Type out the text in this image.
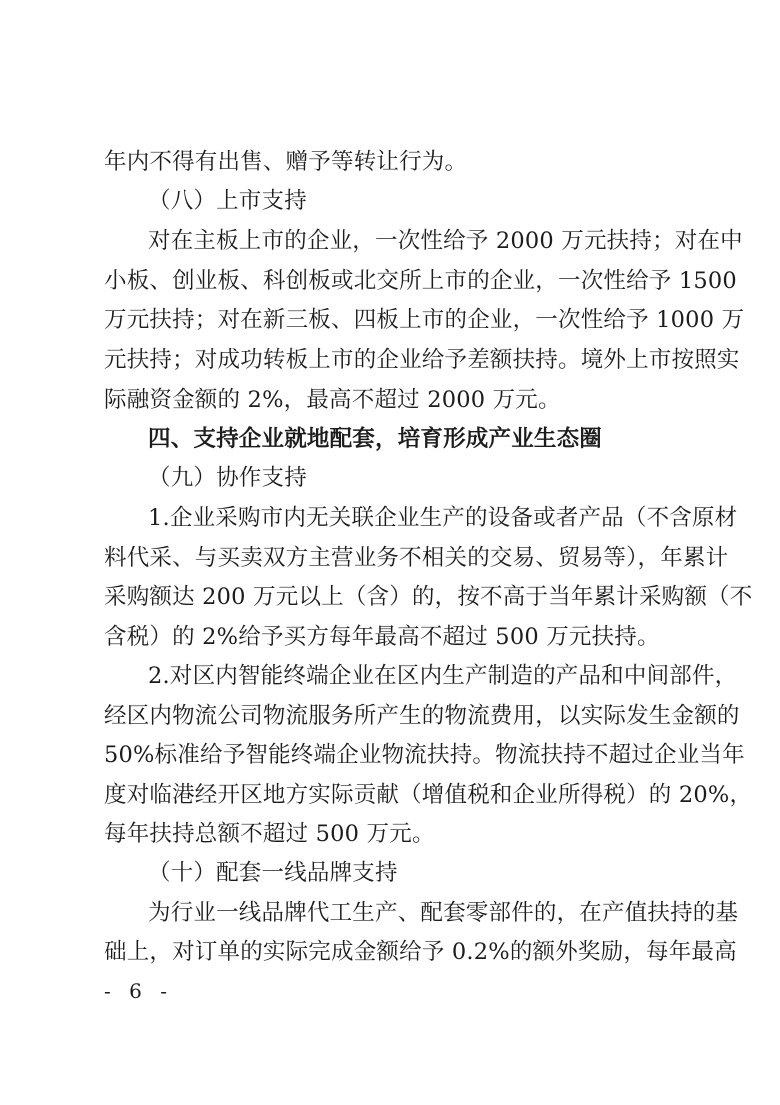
年内不得有出售、赠予等转让行为。
（八）上市支持
对在主板上市的企业，一次性给予 2000 万元扶持；对在中
小板、创业板、科创板或北交所上市的企业，一次性给予 1500
万元扶持；对在新三板、四板上市的企业，一次性给予 1000 万
元扶持；对成功转板上市的企业给予差额扶持。境外上市按照实
际融资金额的 2%，最高不超过 2000 万元。
四、支持企业就地配套，培育形成产业生态圈
（九）协作支持
1.企业采购市内无关联企业生产的设备或者产品（不含原材
料代采、与买卖双方主营业务不相关的交易、贸易等），年累计
采购额达 200 万元以上（含）的，按不高于当年累计采购额（不
含税）的 2%给予买方每年最高不超过 500 万元扶持。
2.对区内智能终端企业在区内生产制造的产品和中间部件，
经区内物流公司物流服务所产生的物流费用，以实际发生金额的
50%标准给予智能终端企业物流扶持。物流扶持不超过企业当年
度对临港经开区地方实际贡献（增值税和企业所得税）的 20%，
每年扶持总额不超过 500 万元。
（十）配套一线品牌支持
为行业一线品牌代工生产、配套零部件的，在产值扶持的基
础上，对订单的实际完成金额给予 0.2%的额外奖励，每年最高
- 6 -
